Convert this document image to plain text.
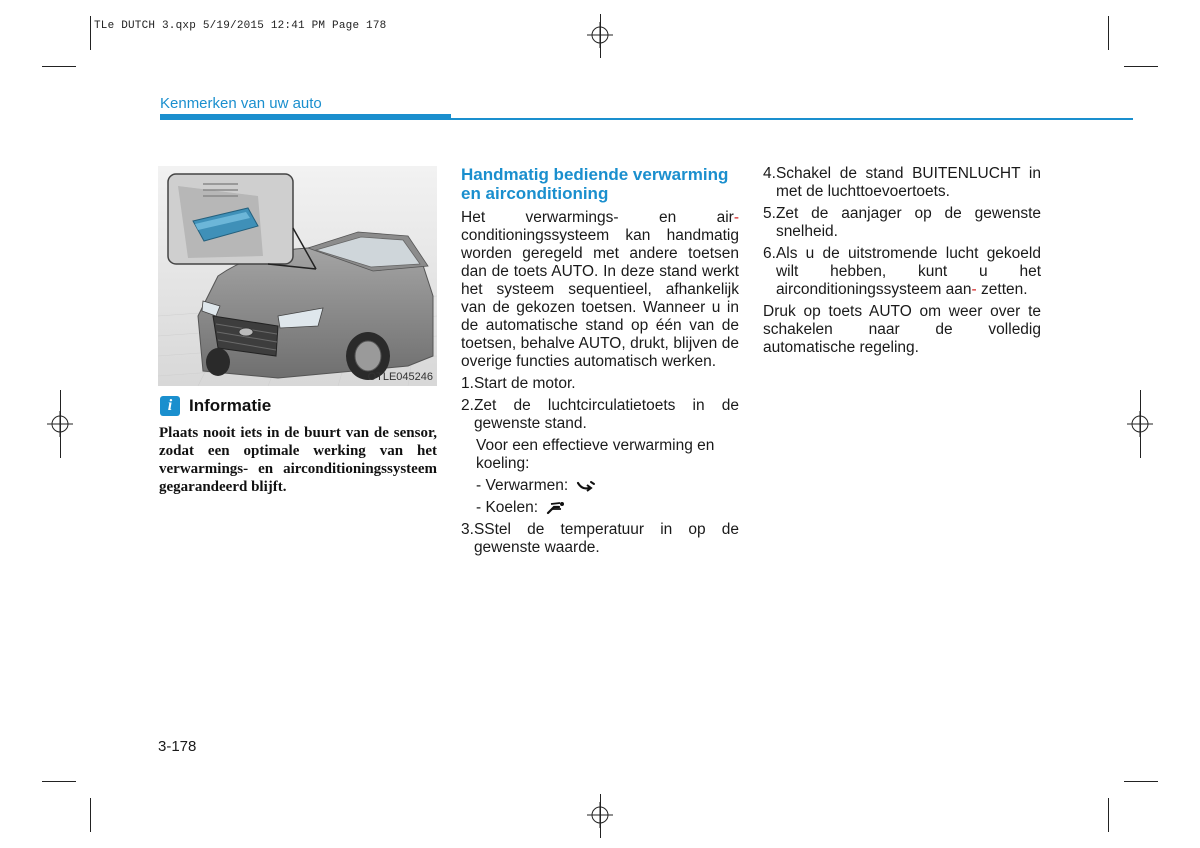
TLe DUTCH 3.qxp 5/19/2015 12:41 PM Page 178
Kenmerken van uw auto
OTLE045246
i Informatie
Plaats nooit iets in de buurt van de sensor, zodat een optimale werking van het verwarmings- en airconditioningssysteem gegarandeerd blijft.
Handmatig bediende verwarming en airconditioning

Het verwarmings- en air-conditioningssysteem kan handmatig worden geregeld met andere toetsen dan de toets AUTO. In deze stand werkt het systeem sequentieel, afhankelijk van de gekozen toetsen. Wanneer u in de automatische stand op één van de toetsen, behalve AUTO, drukt, blijven de overige functies automatisch werken.

1. Start de motor.
2. Zet de luchtcirculatietoets in de gewenste stand.
Voor een effectieve verwarming en koeling:
- Verwarmen:
- Koelen:
3. SStel de temperatuur in op de gewenste waarde.
4. Schakel de stand BUITENLUCHT in met de luchttoevoertoets.
5. Zet de aanjager op de gewenste snelheid.
6. Als u de uitstromende lucht gekoeld wilt hebben, kunt u het airconditioningssysteem aan- zetten.

Druk op toets AUTO om weer over te schakelen naar de volledig automatische regeling.

3-178
